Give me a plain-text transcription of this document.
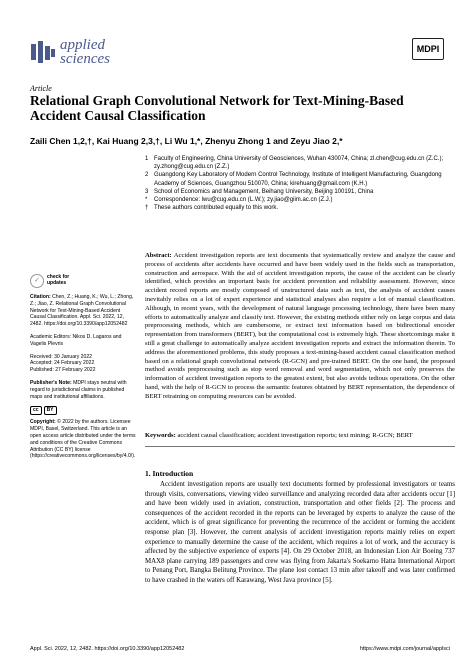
applied
sciences
MDPI
Article
Relational Graph Convolutional Network for Text-Mining-Based Accident Causal Classification
Zaili Chen 1,2,†, Kai Huang 2,3,†, Li Wu 1,*, Zhenyu Zhong 1 and Zeyu Jiao 2,*
1 Faculty of Engineering, China University of Geosciences, Wuhan 430074, China; zl.chen@cug.edu.cn (Z.C.); zy.zhong@cug.edu.cn (Z.Z.)
2 Guangdong Key Laboratory of Modern Control Technology, Institute of Intelligent Manufacturing, Guangdong Academy of Sciences, Guangzhou 510070, China; kirehuang@gmail.com (K.H.)
3 School of Economics and Management, Beihang University, Beijing 100191, China
*	Correspondence: lwu@cug.edu.cn (L.W.); zy.jiao@giim.ac.cn (Z.J.)
† These authors contributed equally to this work.
Abstract: Accident investigation reports are text documents that systematically review and analyze the cause and process of accidents after accidents have occurred and have been widely used in the fields such as transportation, construction and aerospace. With the aid of accident investigation reports, the cause of the accident can be clearly identified, which provides an important basis for accident prevention and reliability assessment. However, since accident record reports are mostly composed of unstructured data such as text, the analysis of accident causes inevitably relies on a lot of expert experience and statistical analyses also require a lot of manual classification. Although, in recent years, with the development of natural language processing technology, there have been many efforts to automatically analyze and classify text. However, the existing methods either rely on large corpus and data preprocessing methods, which are cumbersome, or extract text information based on bidirectional encoder representation from transformers (BERT), but the computational cost is extremely high. These shortcomings make it still a great challenge to automatically analyze accident investigation reports and extract the information therein. To address the aforementioned problems, this study proposes a text-mining-based accident causal classification method based on a relational graph convolutional network (R-GCN) and pre-trained BERT. On the one hand, the proposed method avoids preprocessing such as stop word removal and word segmentation, which not only preserves the information of accident investigation reports to the greatest extent, but also avoids tedious operations. On the other hand, with the help of R-GCN to process the semantic features obtained by BERT representation, the dependence of BERT retraining on computing resources can be avoided.
Keywords: accident causal classification; accident investigation reports; text mining; R-GCN; BERT
1. Introduction
Accident investigation reports are usually text documents formed by professional investigators or teams through visits, conversations, viewing video surveillance and analyzing recorded data after accidents occur [1] and have been widely used in aviation, construction, transportation and other fields [2]. The process and consequences of the accident recorded in the reports can be leveraged by experts to analyze the cause of the accident, which is of great significance for preventing the recurrence of the accident or forming the accident response plan [3]. However, the current analysis of accident investigation reports mainly relies on expert experience to manually determine the cause of the accident, which requires a lot of work, and the accuracy is affected by the subjective experience of experts [4]. On 29 October 2018, an Indonesian Lion Air Boeing 737 MAX8 plane carrying 189 passengers and crew was flying from Jakarta's Soekarno Hatta International Airport to Penang Port, Bangka Belitung Province. The plane lost contact 13 min after takeoff and was later confirmed to have crashed in the waters off Karawang, West Java province [5].
✓	check for
updates

Citation: Chen, Z.; Huang, K.; Wu, L.; Zhong, Z.; Jiao, Z. Relational Graph Convolutional Network for Text-Mining-Based Accident Causal Classification. Appl. Sci. 2022, 12, 2482. https://doi.org/10.3390/app12052482

Academic Editors: Nikos D. Lagaros and Vagelis Plevris

Received: 30 January 2022
Accepted: 24 February 2022
Published: 27 February 2022

Publisher's Note: MDPI stays neutral with regard to jurisdictional claims in published maps and institutional affiliations.

cc	BY

Copyright: © 2022 by the authors. Licensee MDPI, Basel, Switzerland. This article is an open access article distributed under the terms and conditions of the Creative Commons Attribution (CC BY) license (https://creativecommons.org/licenses/by/4.0/).

Appl. Sci. 2022, 12, 2482. https://doi.org/10.3390/app12052482	https://www.mdpi.com/journal/applsci
